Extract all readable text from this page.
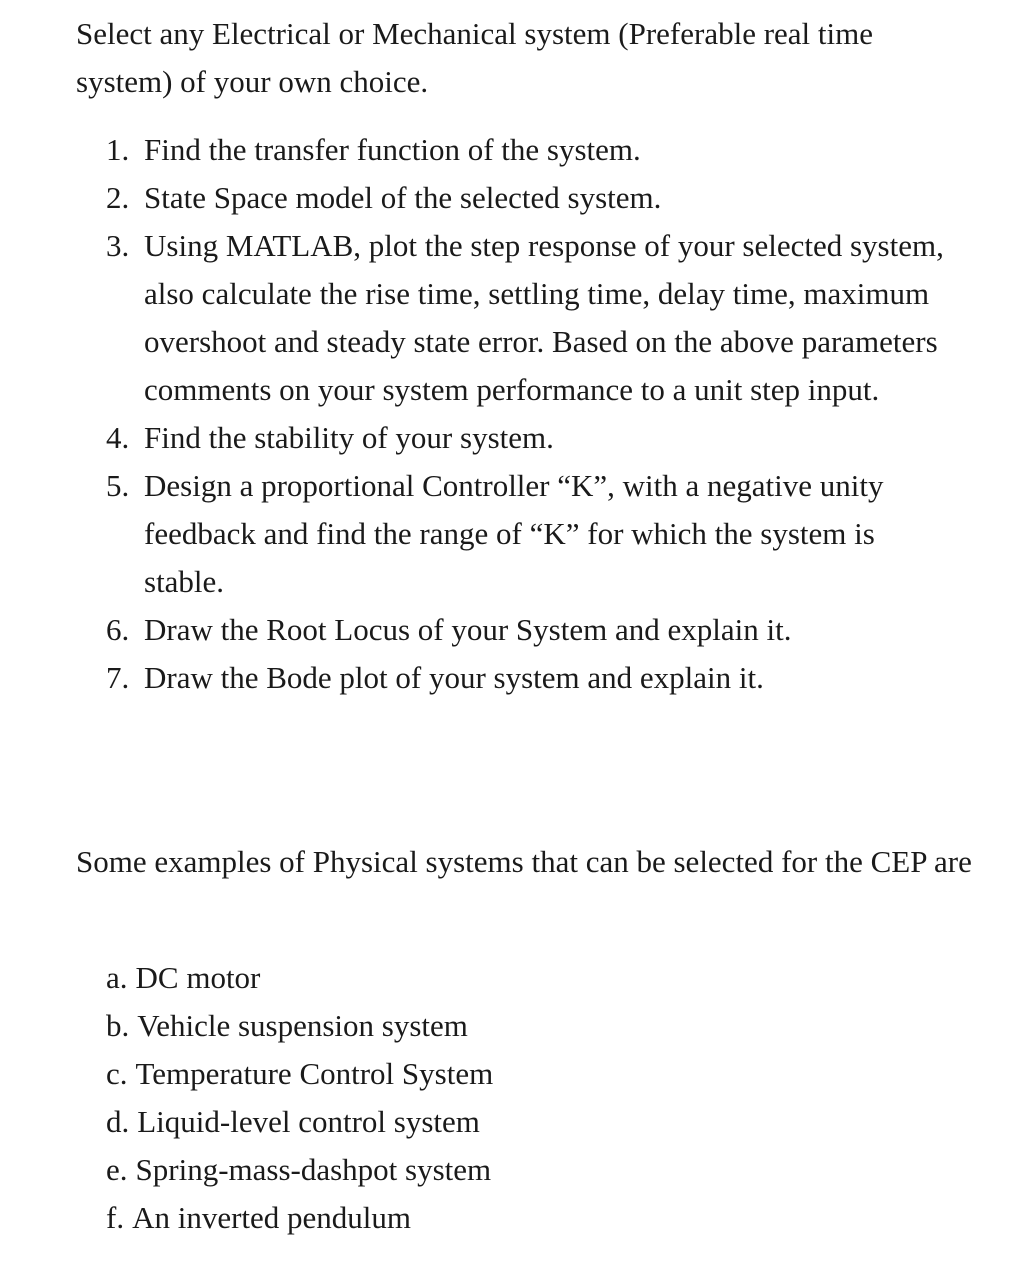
Select any Electrical or Mechanical system (Preferable real time system) of your own choice.

1. Find the transfer function of the system.
2. State Space model of the selected system.
3. Using MATLAB, plot the step response of your selected system, also calculate the rise time, settling time, delay time, maximum overshoot and steady state error. Based on the above parameters comments on your system performance to a unit step input.
4. Find the stability of your system.
5. Design a proportional Controller “K”, with a negative unity feedback and find the range of “K” for which the system is stable.
6. Draw the Root Locus of your System and explain it.
7. Draw the Bode plot of your system and explain it.

Some examples of Physical systems that can be selected for the CEP are

a. DC motor
b. Vehicle suspension system
c. Temperature Control System
d. Liquid-level control system
e. Spring-mass-dashpot system
f. An inverted pendulum
